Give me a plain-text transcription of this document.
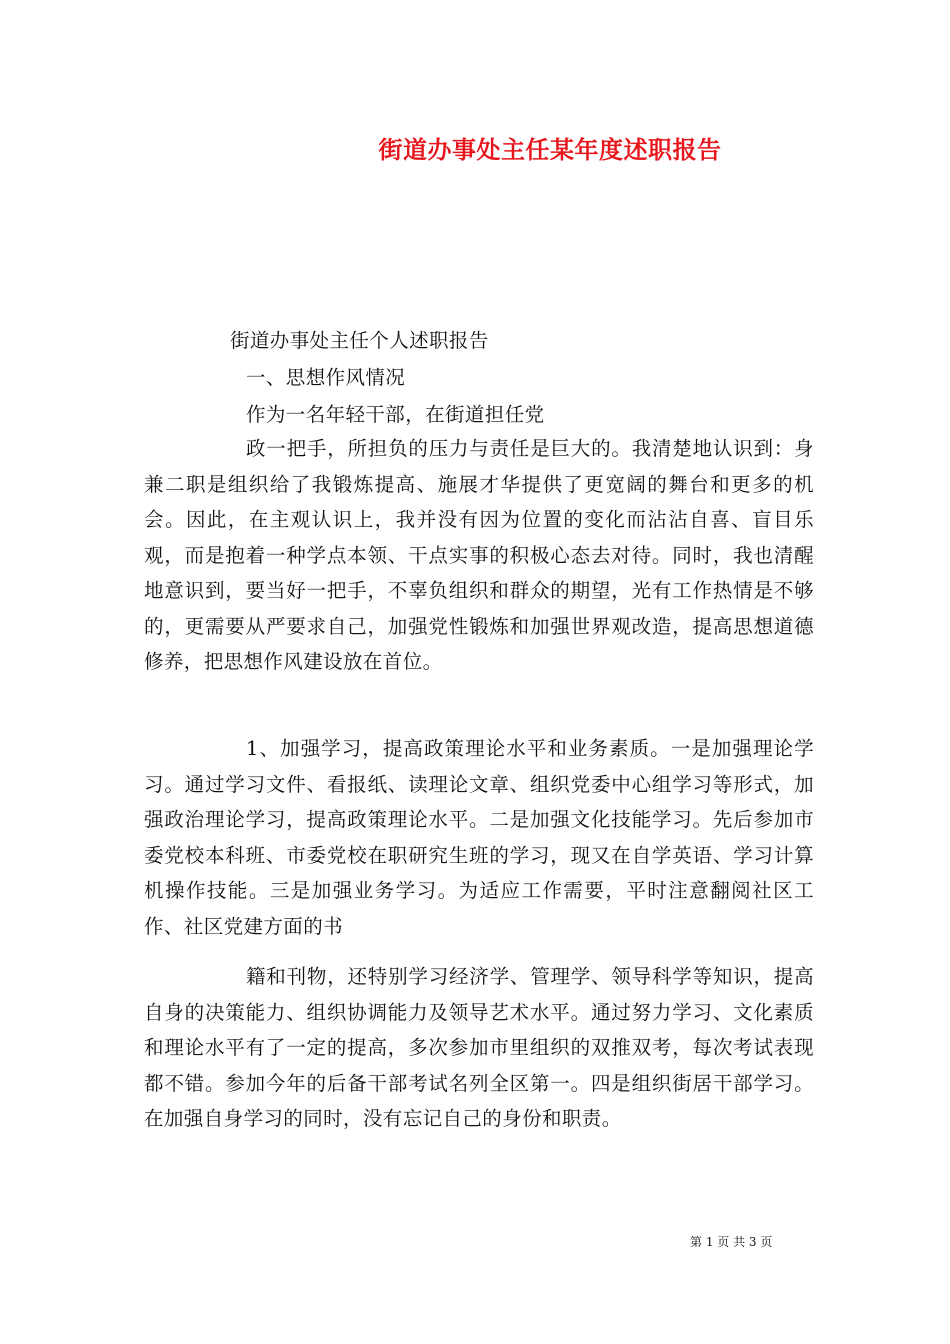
街道办事处主任某年度述职报告
街道办事处主任个人述职报告
一、思想作风情况
作为一名年轻干部，在街道担任党
政一把手，所担负的压力与责任是巨大的。我清楚地认识到：身兼二职是组织给了我锻炼提高、施展才华提供了更宽阔的舞台和更多的机会。因此，在主观认识上，我并没有因为位置的变化而沾沾自喜、盲目乐观，而是抱着一种学点本领、干点实事的积极心态去对待。同时，我也清醒地意识到，要当好一把手，不辜负组织和群众的期望，光有工作热情是不够的，更需要从严要求自己，加强党性锻炼和加强世界观改造，提高思想道德修养，把思想作风建设放在首位。
1、加强学习，提高政策理论水平和业务素质。一是加强理论学习。通过学习文件、看报纸、读理论文章、组织党委中心组学习等形式，加强政治理论学习，提高政策理论水平。二是加强文化技能学习。先后参加市委党校本科班、市委党校在职研究生班的学习，现又在自学英语、学习计算机操作技能。三是加强业务学习。为适应工作需要，平时注意翻阅社区工作、社区党建方面的书
籍和刊物，还特别学习经济学、管理学、领导科学等知识，提高自身的决策能力、组织协调能力及领导艺术水平。通过努力学习、文化素质和理论水平有了一定的提高，多次参加市里组织的双推双考，每次考试表现都不错。参加今年的后备干部考试名列全区第一。四是组织街居干部学习。在加强自身学习的同时，没有忘记自己的身份和职责。
第 1 页 共 3 页
